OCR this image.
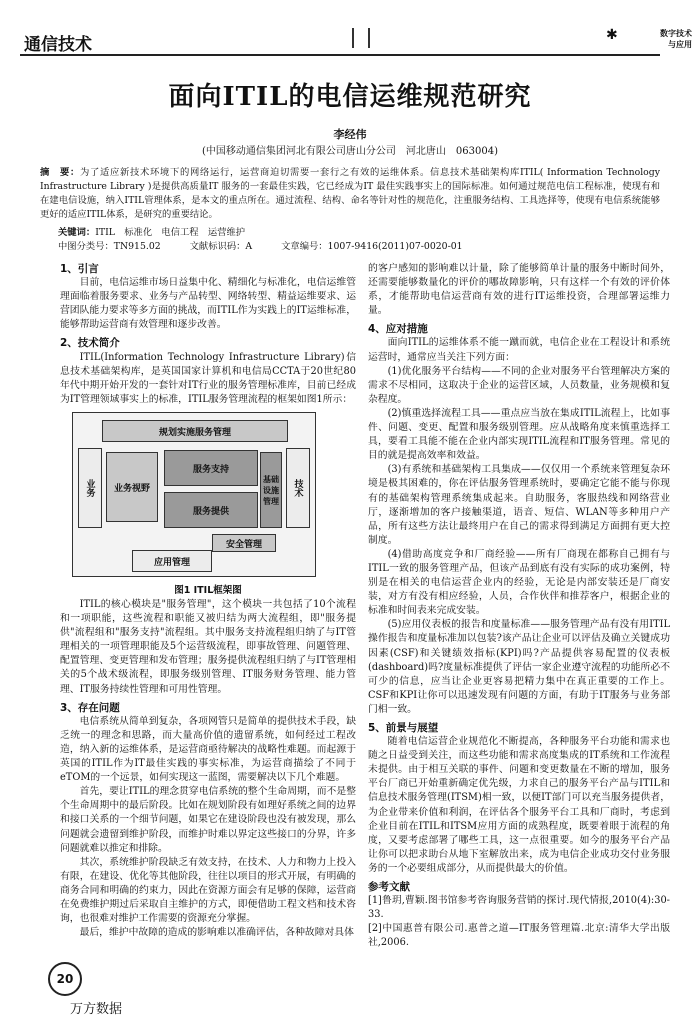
通信技术	✱	数字技术
与应用
面向ITIL的电信运维规范研究
李经伟
(中国移动通信集团河北有限公司唐山分公司　河北唐山　063004)
摘　要：为了适应新技术环境下的网络运行，运营商迫切需要一套行之有效的运维体系。信息技术基础架构库ITIL( Information Technology Infrastructure Library )是提供高质量IT 服务的一套最佳实践，它已经成为IT 最佳实践事实上的国际标准。如何通过规范电信工程标准，使现有和在建电信设施，纳入ITIL管理体系，是本文的重点所在。通过流程、结构、命名等针对性的规范化，注重服务结构、工具选择等，使现有电信系统能够更好的适应ITIL体系，是研究的重要结论。
关键词：ITIL　标准化　电信工程　运营维护
中图分类号：TN915.02	文献标识码：A	文章编号：1007-9416(2011)07-0020-01
1、引言

目前，电信运维市场日益集中化、精细化与标准化，电信运维管理面临着服务要求、业务与产品转型、网络转型、精益运维要求、运营团队能力要求等多方面的挑战，而ITIL作为实践上的IT运维标准，能够帮助运营商有效管理和逐步改善。

2、技术简介

ITIL(Information Technology Infrastructure Library)信息技术基础架构库，是英国国家计算机和电信局CCTA于20世纪80年代中期开始开发的一套针对IT行业的服务管理标准库，目前已经成为IT管理领域事实上的标准，ITIL服务管理流程的框架如图1所示：

规划实施服务管理
业务	业务视野
服务支持
服务提供
基础设施管理
技术
安全管理
应用管理
图1 ITIL框架图

ITIL的核心模块是"服务管理"，这个模块一共包括了10个流程和一项职能，这些流程和职能又被归结为两大流程组，即"服务提供"流程组和"服务支持"流程组。其中服务支持流程组归纳了与IT管理相关的一项管理职能及5个运营级流程，即事故管理、问题管理、配置管理、变更管理和发布管理；服务提供流程组归纳了与IT管理相关的5个战术级流程，即服务级别管理、IT服务财务管理、能力管理、IT服务持续性管理和可用性管理。

3、存在问题

电信系统从简单到复杂，各项网管只是简单的提供技术手段，缺乏统一的理念和思路，而大量高价值的遗留系统，如何经过工程改造，纳入新的运维体系，是运营商亟待解决的战略性难题。而起源于英国的ITIL作为IT最佳实践的事实标准，为运营商描绘了不同于eTOM的一个远景，如何实现这一蓝图，需要解决以下几个难题。

首先，要让ITIL的理念贯穿电信系统的整个生命周期，而不是整个生命周期中的最后阶段。比如在规划阶段有如理好系统之间的边界和接口关系的一个细节问题，如果它在建设阶段也没有被发现，那么问题就会遗留到维护阶段，而维护时难以界定这些接口的分界，许多问题就难以推定和排除。

其次，系统维护阶段缺乏有效支持，在技术、人力和物力上投入有限，在建设、优化等其他阶段，往往以项目的形式开展，有明确的商务合同和明确的约束力，因此在资源方面会有足够的保障，运营商在免费维护期过后采取自主维护的方式，即便借助工程文档和技术咨询，也很难对维护工作需要的资源充分掌握。

最后，维护中故障的造成的影响难以准确评估，各种故障对具体

的客户感知的影响难以计量，除了能够简单计量的服务中断时间外，还需要能够数量化的评价的哪故障影响，只有这样一个有效的评价体系，才能帮助电信运营商有效的进行IT运维投资，合理部署运维力量。

4、应对措施

面向ITIL的运维体系不能一蹴而就，电信企业在工程设计和系统运营时，通常应当关注下列方面：

(1)优化服务平台结构——不同的企业对服务平台管理解决方案的需求不尽相同，这取决于企业的运营区域，人员数量，业务规模和复杂程度。

(2)慎重选择流程工具——重点应当放在集成ITIL流程上，比如事件、问题、变更、配置和服务级别管理。应从战略角度来慎重选择工具，要看工具能不能在企业内部实现ITIL流程和IT服务管理。常见的目的就是提高效率和效益。

(3)有系统和基础架构工具集成——仅仅用一个系统来管理复杂环境是极其困难的，你在评估服务管理系统时，要确定它能不能与你现有的基础架构管理系统集成起来。自助服务，客服热线和网络营业厅，逐渐增加的客户接触渠道，语音、短信、WLAN等多种用户产品，所有这些方法让最终用户在自己的需求得到满足方面拥有更大控制度。

(4)借助高度竞争和厂商经验——所有厂商现在都称自己拥有与ITIL一致的服务管理产品，但该产品到底有没有实际的成功案例，特别是在相关的电信运营企业内的经验，无论是内部安装还是厂商安装，对方有没有相应经验，人员，合作伙伴和推荐客户，根据企业的标准和时间表来完成安装。

(5)应用仪表板的报告和度量标准——服务管理产品有没有用ITIL操作报告和度量标准加以包装?该产品让企业可以评估及确立关键成功因素(CSF)和关键绩效指标(KPI)吗?产品提供容易配置的仪表板(dashboard)吗?度量标准提供了评估一家企业遵守流程的功能所必不可少的信息，应当让企业更容易把精力集中在真正重要的工作上。CSF和KPI让你可以迅速发现有问题的方面，有助于IT服务与业务部门相一致。

5、前景与展望

随着电信运营企业规范化不断提高，各种服务平台功能和需求也随之日益受到关注，而这些功能和需求高度集成的IT系统和工作流程未提供。由于相互关联的事件、问题和变更数量在不断的增加，服务平台厂商已开始重新确定优先级，力求自己的服务平台产品与ITIL和信息技术服务管理(ITSM)相一致，以便IT部门可以充当服务提供者，为企业带来价值和利润，在评估各个服务平台工具和厂商时，考虑到企业目前在ITIL和ITSM应用方面的成熟程度，既要着眼于流程的角度，又要考虑部署了哪些工具，这一点很重要。如今的服务平台产品让你可以把求助台从地下室解放出来，成为电信企业成功交付业务服务的一个必要组成部分，从而提供最大的价值。

参考文献

[1]鲁玥,曹颖.图书馆参考咨询服务营销的探讨.现代情报,2010(4):30-33.

[2]中国惠普有限公司.惠普之道—IT服务管理篇.北京:清华大学出版社,2006.

20
万方数据
